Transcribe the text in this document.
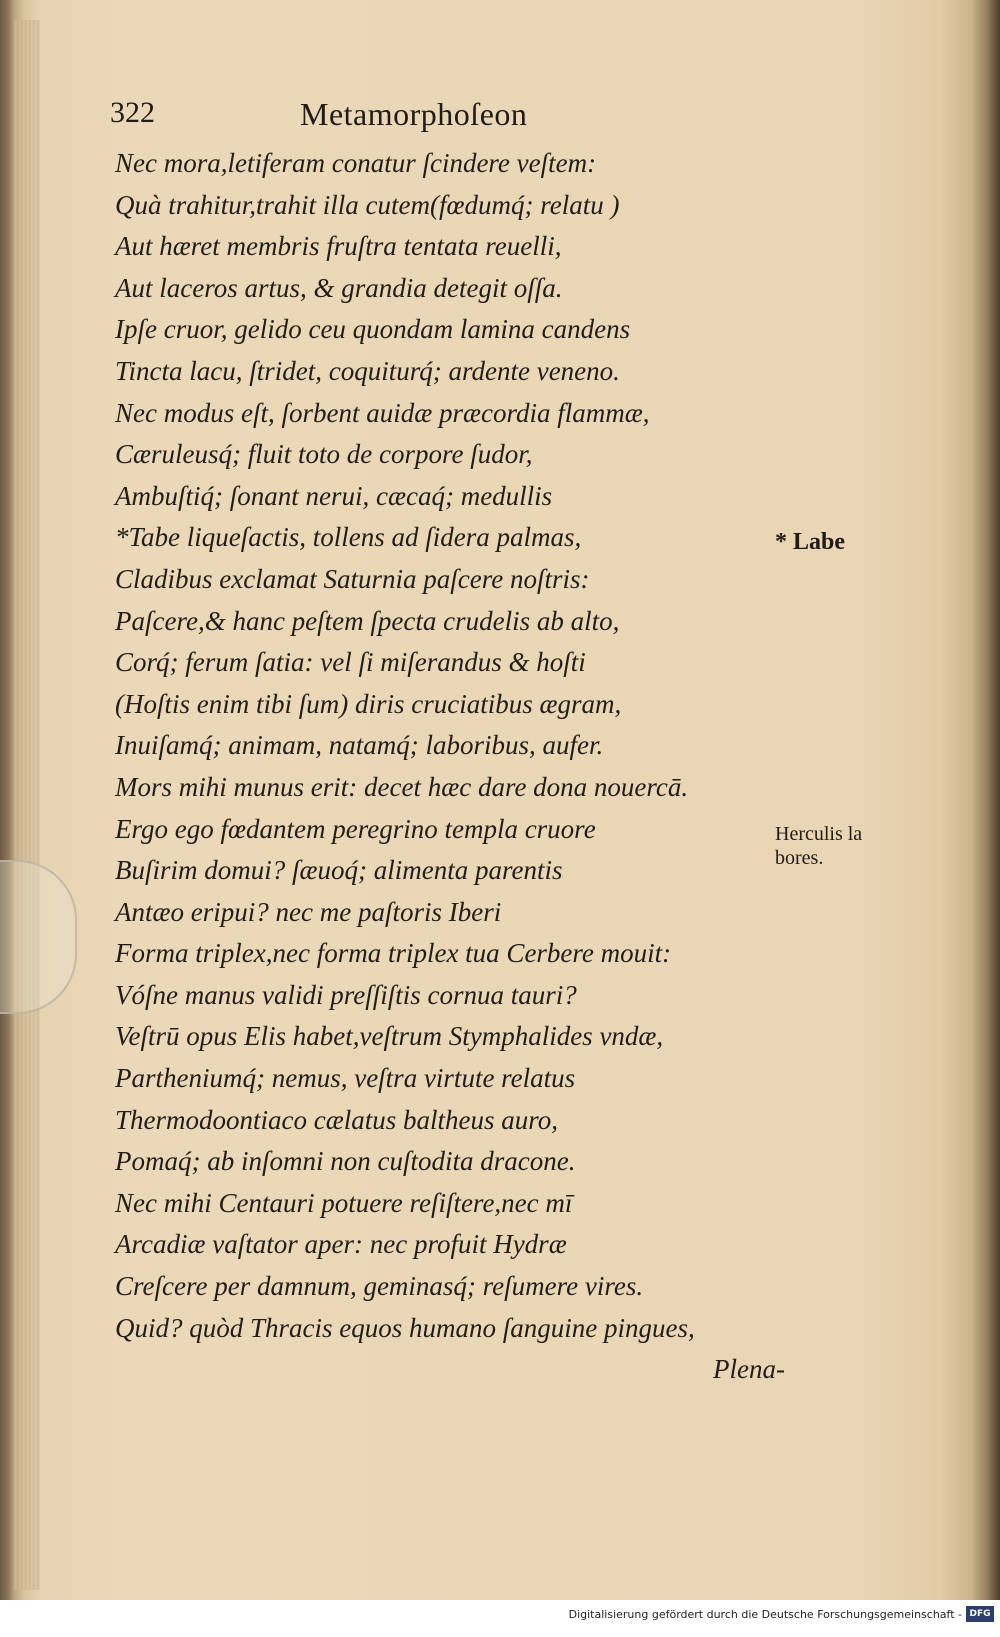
322	Metamorphoſeon
Nec mora,letiferam conatur ſcindere veſtem:
Quà trahitur,trahit illa cutem(fœdumq́; relatu )
Aut hæret membris fruſtra tentata reuelli,
Aut laceros artus, & grandia detegit oſſa.
Ipſe cruor, gelido ceu quondam lamina candens
Tincta lacu, ſtridet, coquiturq́; ardente veneno.
Nec modus eſt, ſorbent auidæ præcordia flammæ,
Cæruleusq́; fluit toto de corpore ſudor,
Ambuſtiq́; ſonant nerui, cæcaq́; medullis
*Tabe liqueſactis, tollens ad ſidera palmas,
Cladibus exclamat Saturnia paſcere noſtris:
Paſcere,& hanc peſtem ſpecta crudelis ab alto,
Corq́; ferum ſatia: vel ſi miſerandus & hoſti
(Hoſtis enim tibi ſum) diris cruciatibus ægram,
Inuiſamq́; animam, natamq́; laboribus, aufer.
Mors mihi munus erit: decet hæc dare dona nouercā.
Ergo ego fœdantem peregrino templa cruore
Buſirim domui? ſæuoq́; alimenta parentis
Antæo eripui? nec me paſtoris Iberi
Forma triplex,nec forma triplex tua Cerbere mouit:
Vóſne manus validi preſſiſtis cornua tauri?
Veſtrū opus Elis habet,veſtrum Stymphalides vndæ,
Partheniumq́; nemus, veſtra virtute relatus
Thermodoontiaco cælatus baltheus auro,
Pomaq́; ab inſomni non cuſtodita dracone.
Nec mihi Centauri potuere reſiſtere,nec mī
Arcadiæ vaſtator aper: nec profuit Hydræ
Creſcere per damnum, geminasq́; reſumere vires.
Quid? quòd Thracis equos humano ſanguine pingues,
Plena-
* Labe
Herculis la
bores.
Digitalisierung gefördert durch die Deutsche Forschungsgemeinschaft - DFG
